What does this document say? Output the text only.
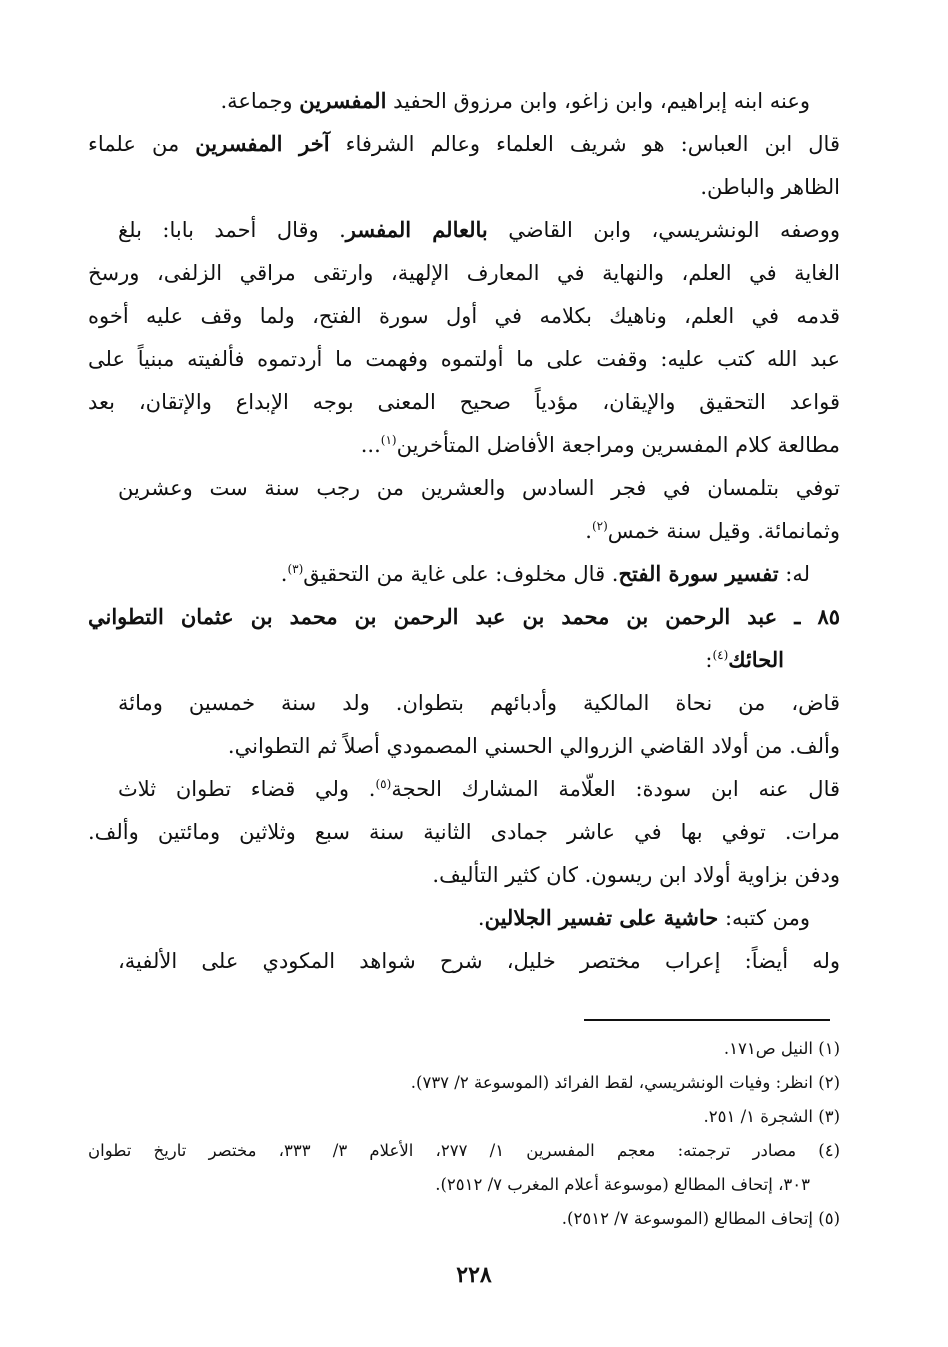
وعنه ابنه إبراهيم، وابن زاغو، وابن مرزوق الحفيد المفسرين وجماعة.
قال ابن العباس: هو شريف العلماء وعالم الشرفاء آخر المفسرين من علماء
الظاهر والباطن.
ووصفه الونشريسي، وابن القاضي بالعالم المفسر. وقال أحمد بابا: بلغ
الغاية في العلم، والنهاية في المعارف الإلهية، وارتقى مراقي الزلفى، ورسخ
قدمه في العلم، وناهيك بكلامه في أول سورة الفتح، ولما وقف عليه أخوه
عبد الله كتب عليه: وقفت على ما أولتموه وفهمت ما أردتموه فألفيته مبنياً على
قواعد التحقيق والإيقان، مؤدياً صحيح المعنى بوجه الإبداع والإتقان، بعد
مطالعة كلام المفسرين ومراجعة الأفاضل المتأخرين$^{(١)}$...
توفي بتلمسان في فجر السادس والعشرين من رجب سنة ست وعشرين
وثمانمائة. وقيل سنة خمس$^{(٢)}$.
له: تفسير سورة الفتح. قال مخلوف: على غاية من التحقيق$^{(٣)}$.
٨٥ ـ عبد الرحمن بن محمد بن عبد الرحمن بن محمد بن عثمان التطواني
الحائك$^{(٤)}$:
قاض، من نحاة المالكية وأدبائهم بتطوان. ولد سنة خمسين ومائة
وألف. من أولاد القاضي الزروالي الحسني المصمودي أصلاً ثم التطواني.
قال عنه ابن سودة: العلّامة المشارك الحجة$^{(٥)}$. ولي قضاء تطوان ثلاث
مرات. توفي بها في عاشر جمادى الثانية سنة سبع وثلاثين ومائتين وألف.
ودفن بزاوية أولاد ابن ريسون. كان كثير التأليف.
ومن كتبه: حاشية على تفسير الجلالين.
وله أيضاً: إعراب مختصر خليل، شرح شواهد المكودي على الألفية،
(١) النيل ص١٧١.
(٢) انظر: وفيات الونشريسي، لقط الفرائد (الموسوعة ٢/ ٧٣٧).
(٣) الشجرة ١/ ٢٥١.
(٤) مصادر ترجمته: معجم المفسرين ١/ ٢٧٧، الأعلام ٣/ ٣٣٣، مختصر تاريخ تطوان
٣٠٣، إتحاف المطالع (موسوعة أعلام المغرب ٧/ ٢٥١٢).
(٥) إتحاف المطالع (الموسوعة ٧/ ٢٥١٢).
٢٢٨
